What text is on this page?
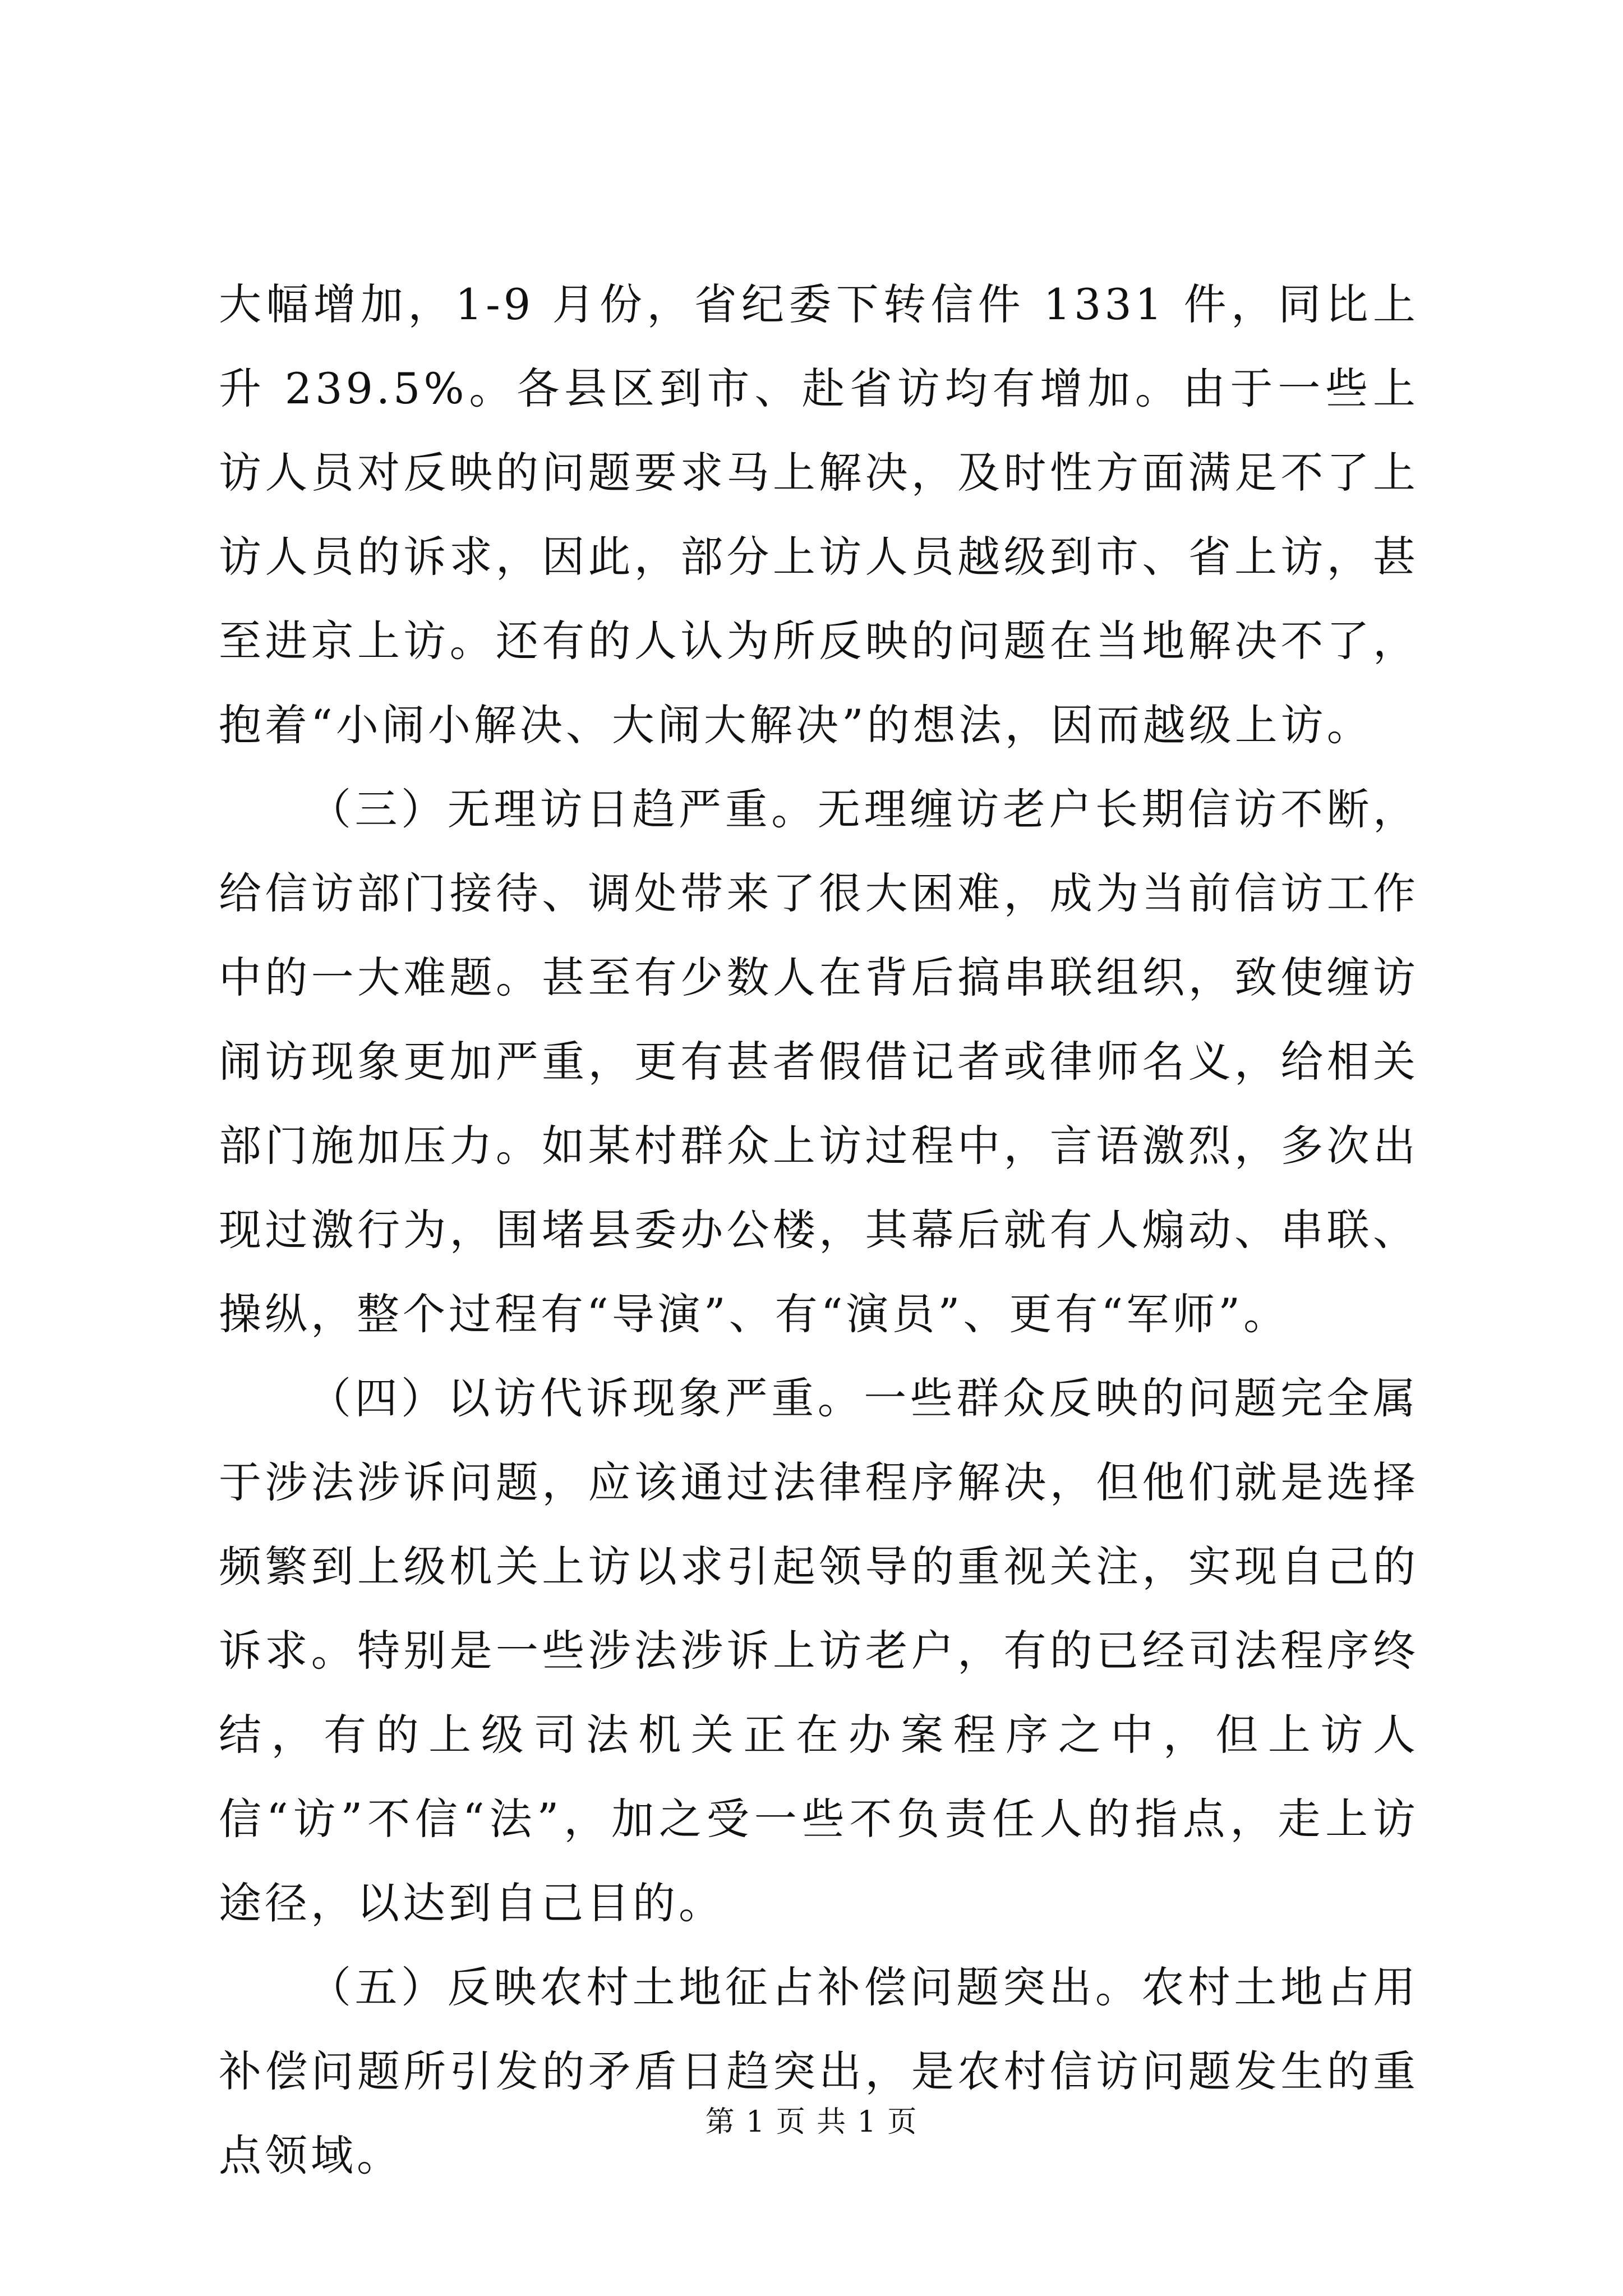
大幅增加，1-9 月份，省纪委下转信件 1331 件，同比上升 239.5%。各县区到市、赴省访均有增加。由于一些上访人员对反映的问题要求马上解决，及时性方面满足不了上访人员的诉求，因此，部分上访人员越级到市、省上访，甚至进京上访。还有的人认为所反映的问题在当地解决不了，抱着“小闹小解决、大闹大解决”的想法，因而越级上访。

（三）无理访日趋严重。无理缠访老户长期信访不断，给信访部门接待、调处带来了很大困难，成为当前信访工作中的一大难题。甚至有少数人在背后搞串联组织，致使缠访闹访现象更加严重，更有甚者假借记者或律师名义，给相关部门施加压力。如某村群众上访过程中，言语激烈，多次出现过激行为，围堵县委办公楼，其幕后就有人煽动、串联、操纵，整个过程有“导演”、有“演员”、更有“军师”。

（四）以访代诉现象严重。一些群众反映的问题完全属于涉法涉诉问题，应该通过法律程序解决，但他们就是选择频繁到上级机关上访以求引起领导的重视关注，实现自己的诉求。特别是一些涉法涉诉上访老户，有的已经司法程序终结，有的上级司法机关正在办案程序之中，但上访人信“访”不信“法”，加之受一些不负责任人的指点，走上访途径，以达到自己目的。

（五）反映农村土地征占补偿问题突出。农村土地占用补偿问题所引发的矛盾日趋突出，是农村信访问题发生的重点领域。

第 1 页 共 1 页
